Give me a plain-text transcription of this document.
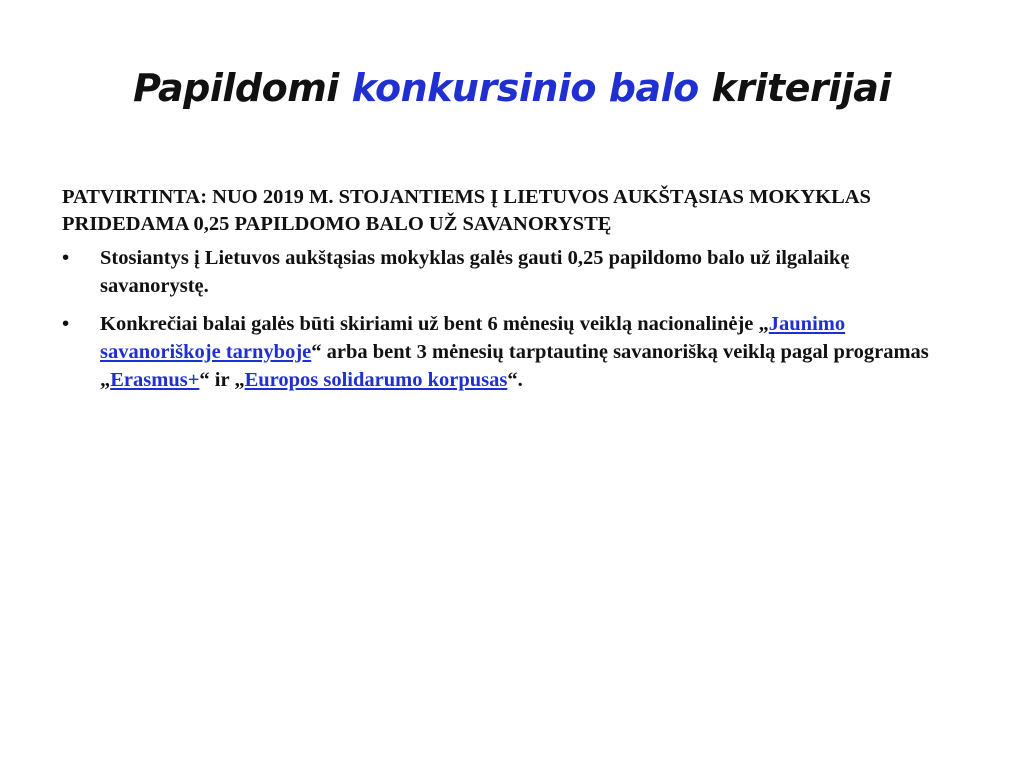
Papildomi konkursinio balo kriterijai
PATVIRTINTA: NUO 2019 M. STOJANTIEMS Į LIETUVOS AUKŠTĄSIAS MOKYKLAS PRIDEDAMA 0,25 PAPILDOMO BALO UŽ SAVANORYSTĘ
• Stosiantys į Lietuvos aukštąsias mokyklas galės gauti 0,25 papildomo balo už ilgalaikę savanorystę.
• Konkrečiai balai galės būti skiriami už bent 6 mėnesių veiklą nacionalinėje „Jaunimo savanoriškoje tarnyboje“ arba bent 3 mėnesių tarptautinę savanorišką veiklą pagal programas „Erasmus+“ ir „Europos solidarumo korpusas“.
